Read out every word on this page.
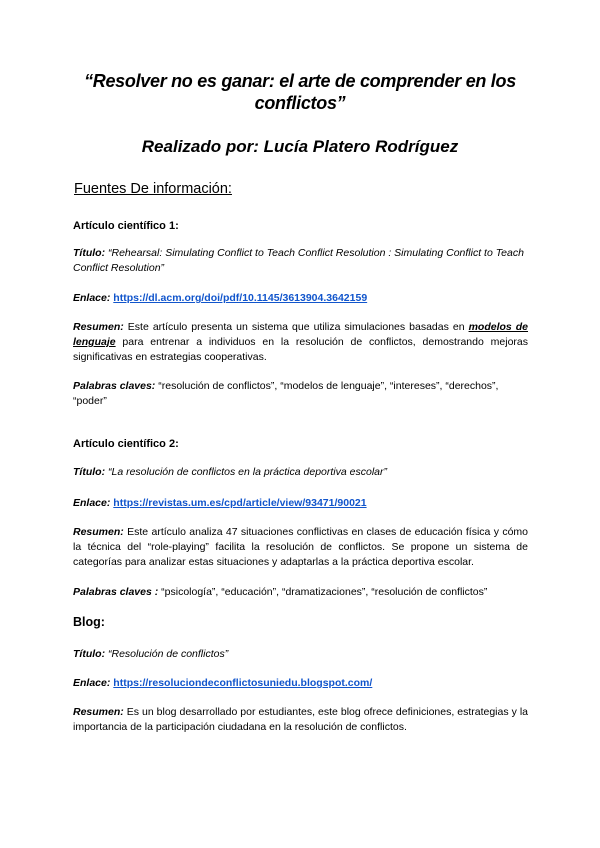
“Resolver no es ganar: el arte de comprender en los conflictos”
Realizado por: Lucía Platero Rodríguez
Fuentes De información:
Artículo científico 1:
Título: “Rehearsal: Simulating Conflict to Teach Conflict Resolution : Simulating Conflict to Teach Conflict Resolution”
Enlace: https://dl.acm.org/doi/pdf/10.1145/3613904.3642159
Resumen: Este artículo presenta un sistema que utiliza simulaciones basadas en modelos de lenguaje para entrenar a individuos en la resolución de conflictos, demostrando mejoras significativas en estrategias cooperativas.
Palabras claves: “resolución de conflictos”, “modelos de lenguaje”, “intereses”, “derechos”, “poder”
Artículo científico 2:
Título: “La resolución de conflictos en la práctica deportiva escolar”
Enlace: https://revistas.um.es/cpd/article/view/93471/90021
Resumen: Este artículo analiza 47 situaciones conflictivas en clases de educación física y cómo la técnica del “role-playing” facilita la resolución de conflictos. Se propone un sistema de categorías para analizar estas situaciones y adaptarlas a la práctica deportiva escolar.
Palabras claves : “psicología”, “educación”, “dramatizaciones”, “resolución de conflictos”
Blog:
Título: “Resolución de conflictos”
Enlace: https://resoluciondeconflictosuniedu.blogspot.com/
Resumen: Es un blog desarrollado por estudiantes, este blog ofrece definiciones, estrategias y la importancia de la participación ciudadana en la resolución de conflictos.
